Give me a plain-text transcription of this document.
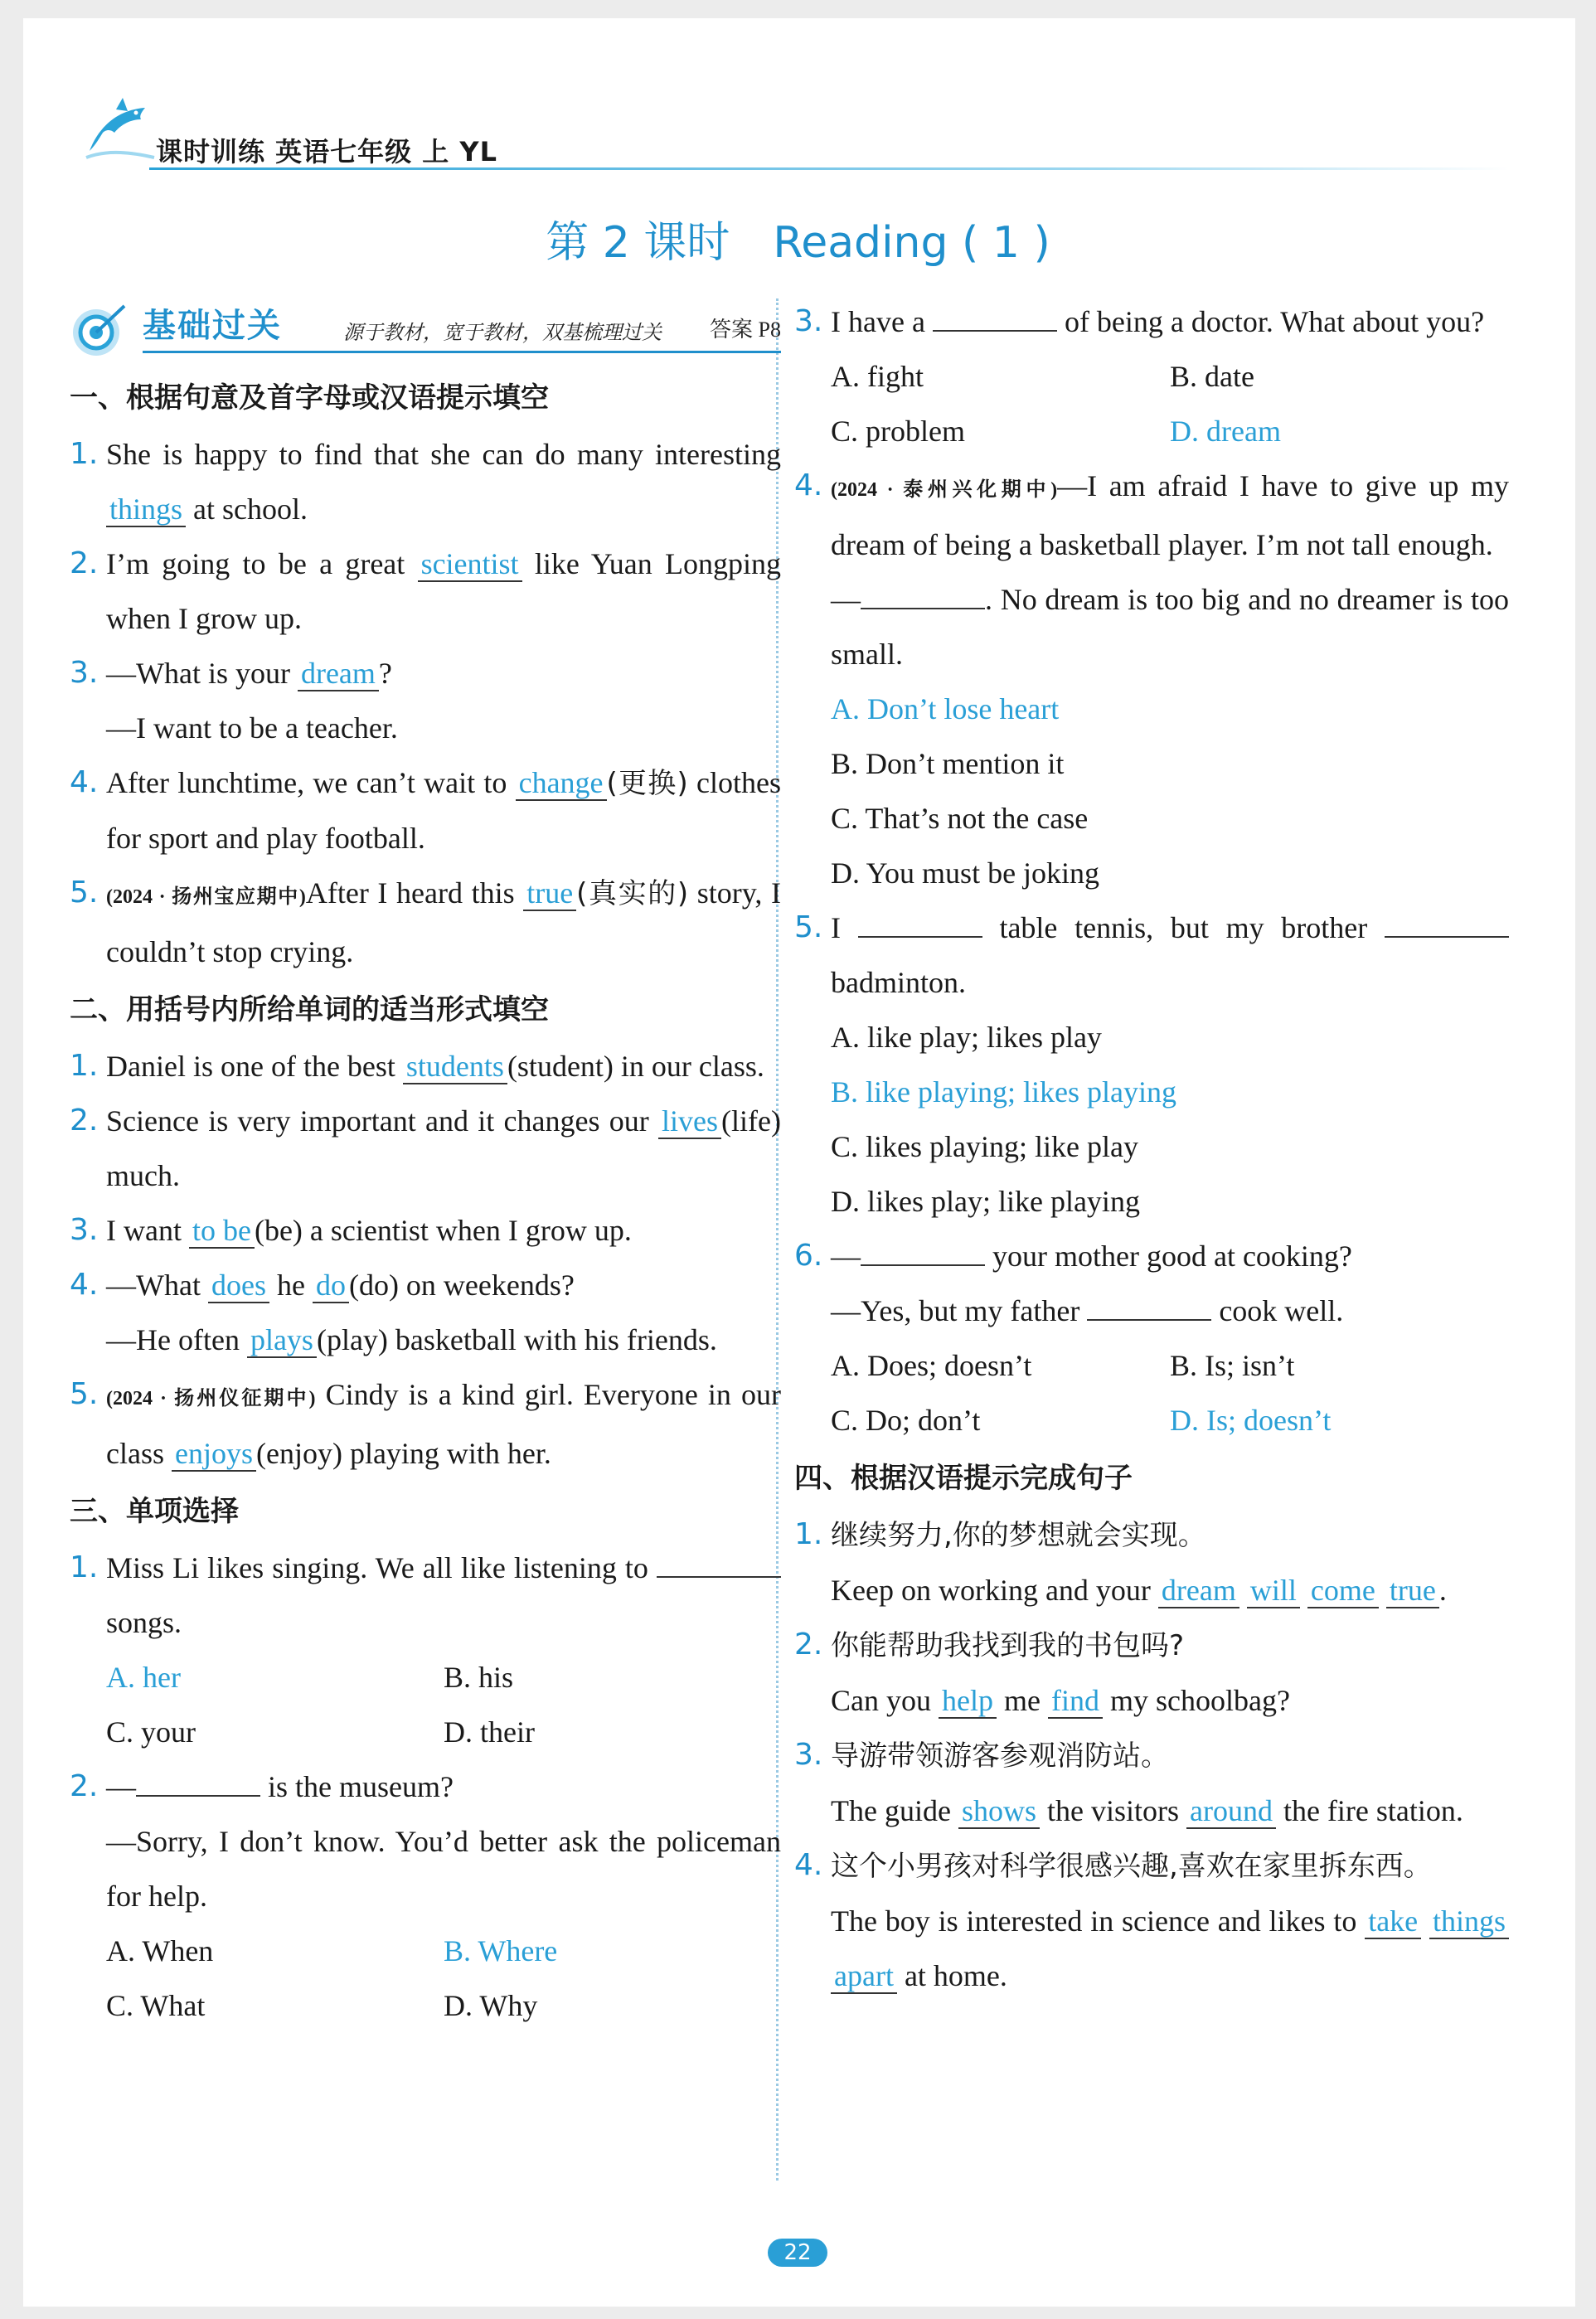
课时训练 英语七年级 上 YL
第 2 课时　Reading ( 1 )
基础过关	源于教材，宽于教材，双基梳理过关 答案 P8
一、根据句意及首字母或汉语提示填空
1. She is happy to find that she can do many interesting things at school.
2. I’m going to be a great scientist like Yuan Longping when I grow up.
3. —What is your dream ?
—I want to be a teacher.
4. After lunchtime, we can’t wait to change (更换) clothes for sport and play football.
5. (2024 · 扬州宝应期中)After I heard this true (真实的) story, I couldn’t stop crying.
二、用括号内所给单词的适当形式填空
1. Daniel is one of the best students (student) in our class.
2. Science is very important and it changes our lives (life) much.
3. I want to be (be) a scientist when I grow up.
4. —What does he do (do) on weekends?
—He often plays (play) basketball with his friends.
5. (2024 · 扬州仪征期中) Cindy is a kind girl. Everyone in our class enjoys (enjoy) playing with her.
三、单项选择
1. Miss Li likes singing. We all like listening to  songs.
A. her	B. his
C. your	D. their
2. —	is the museum?
—Sorry, I don’t know. You’d better ask the policeman for help.
A. When	B. Where
C. What	D. Why
3. I have a	of being a doctor. What about you?
A. fight	B. date
C. problem	D. dream
4. (2024 · 泰州兴化期中)—I am afraid I have to give up my dream of being a basketball player. I’m not tall enough.
—	. No dream is too big and no dreamer is too small.
A. Don’t lose heart
B. Don’t mention it
C. That’s not the case
D. You must be joking
5. I	table tennis, but my brother  badminton.
A. like play; likes play
B. like playing; likes playing
C. likes playing; like play
D. likes play; like playing
6. —	your mother good at cooking?
—Yes, but my father	cook well.
A. Does; doesn’t	B. Is; isn’t
C. Do; don’t	D. Is; doesn’t
四、根据汉语提示完成句子
1. 继续努力,你的梦想就会实现。
Keep on working and your dream will come true .
2. 你能帮助我找到我的书包吗?
Can you help me find my schoolbag?
3. 导游带领游客参观消防站。
The guide shows the visitors around the fire station.
4. 这个小男孩对科学很感兴趣,喜欢在家里拆东西。
The boy is interested in science and likes to take things apart at home.
22
